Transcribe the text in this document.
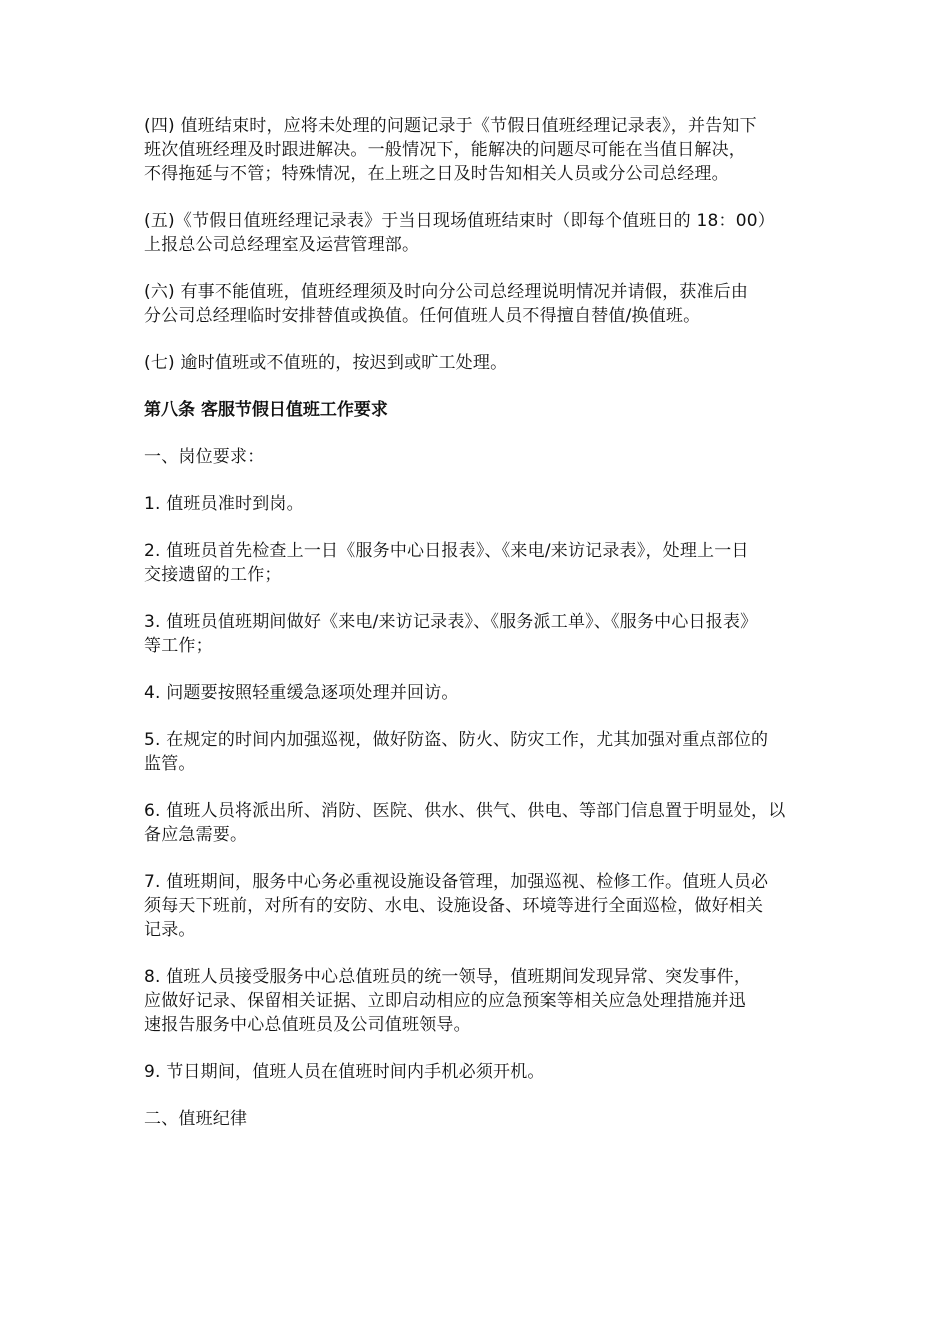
(四) 值班结束时，应将未处理的问题记录于《节假日值班经理记录表》，并告知下
班次值班经理及时跟进解决。一般情况下，能解决的问题尽可能在当值日解决，
不得拖延与不管；特殊情况，在上班之日及时告知相关人员或分公司总经理。

(五)《节假日值班经理记录表》于当日现场值班结束时（即每个值班日的 18：00）
上报总公司总经理室及运营管理部。

(六) 有事不能值班，值班经理须及时向分公司总经理说明情况并请假，获准后由
分公司总经理临时安排替值或换值。任何值班人员不得擅自替值/换值班。

(七) 逾时值班或不值班的，按迟到或旷工处理。

第八条 客服节假日值班工作要求

一、岗位要求：

1. 值班员准时到岗。

2. 值班员首先检查上一日《服务中心日报表》、《来电/来访记录表》，处理上一日
交接遗留的工作；

3. 值班员值班期间做好《来电/来访记录表》、《服务派工单》、《服务中心日报表》
等工作；

4. 问题要按照轻重缓急逐项处理并回访。

5. 在规定的时间内加强巡视，做好防盗、防火、防灾工作，尤其加强对重点部位的
监管。

6. 值班人员将派出所、消防、医院、供水、供气、供电、等部门信息置于明显处，以
备应急需要。

7. 值班期间，服务中心务必重视设施设备管理，加强巡视、检修工作。值班人员必
须每天下班前，对所有的安防、水电、设施设备、环境等进行全面巡检，做好相关
记录。

8. 值班人员接受服务中心总值班员的统一领导，值班期间发现异常、突发事件，
应做好记录、保留相关证据、立即启动相应的应急预案等相关应急处理措施并迅
速报告服务中心总值班员及公司值班领导。

9. 节日期间，值班人员在值班时间内手机必须开机。

二、值班纪律
